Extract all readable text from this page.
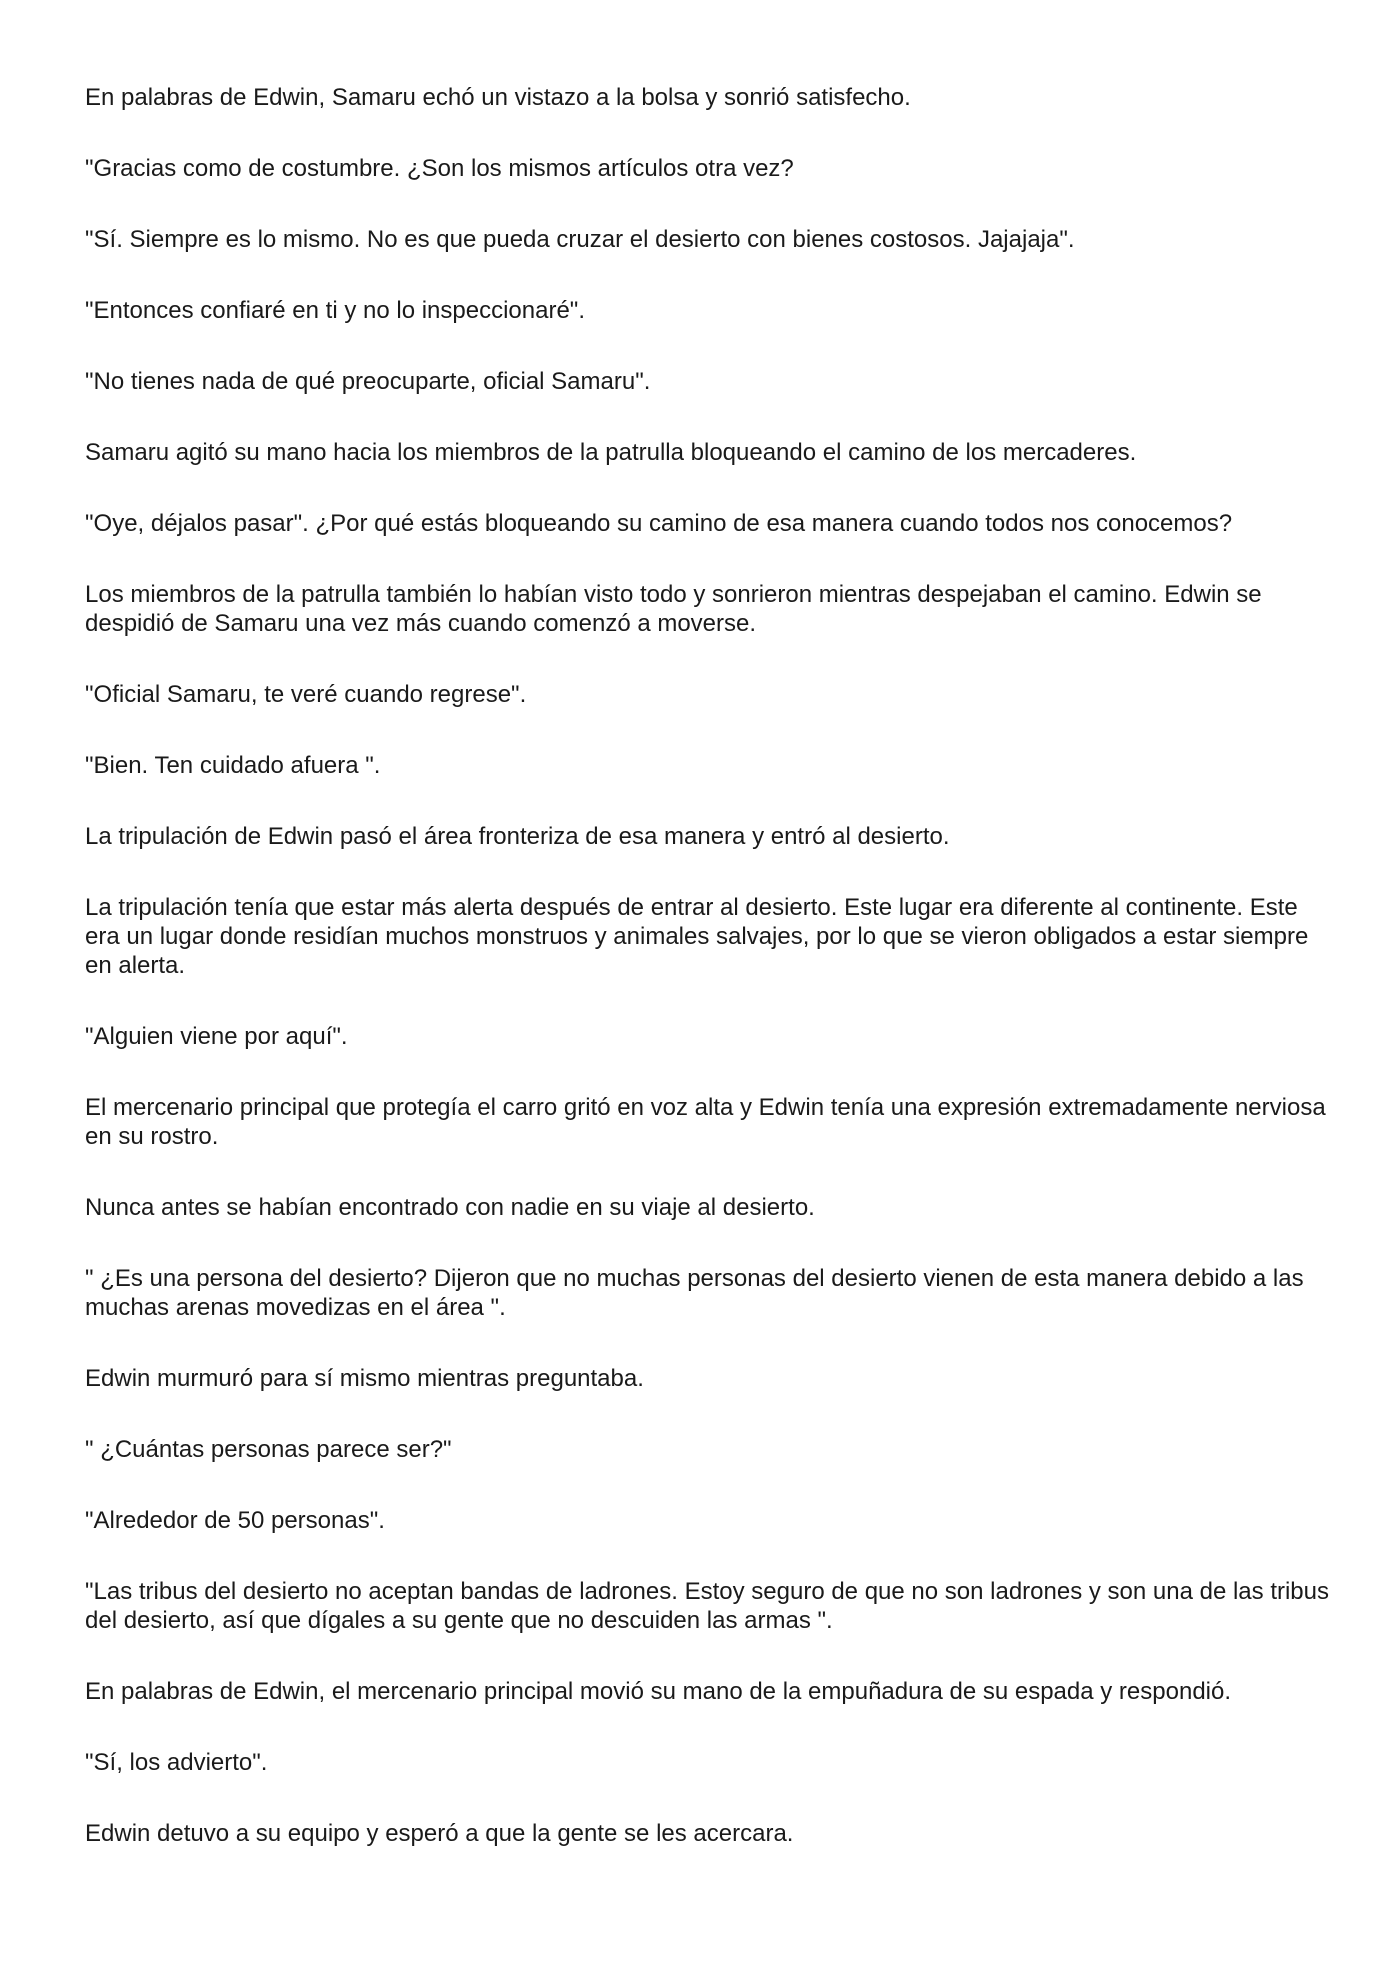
En palabras de Edwin, Samaru echó un vistazo a la bolsa y sonrió satisfecho.

"Gracias como de costumbre. ¿Son los mismos artículos otra vez?

"Sí. Siempre es lo mismo. No es que pueda cruzar el desierto con bienes costosos. Jajajaja".

"Entonces confiaré en ti y no lo inspeccionaré".

"No tienes nada de qué preocuparte, oficial Samaru".

Samaru agitó su mano hacia los miembros de la patrulla bloqueando el camino de los mercaderes.

"Oye, déjalos pasar". ¿Por qué estás bloqueando su camino de esa manera cuando todos nos conocemos?

Los miembros de la patrulla también lo habían visto todo y sonrieron mientras despejaban el camino. Edwin se despidió de Samaru una vez más cuando comenzó a moverse.

"Oficial Samaru, te veré cuando regrese".

"Bien. Ten cuidado afuera ".

La tripulación de Edwin pasó el área fronteriza de esa manera y entró al desierto.

La tripulación tenía que estar más alerta después de entrar al desierto. Este lugar era diferente al continente. Este era un lugar donde residían muchos monstruos y animales salvajes, por lo que se vieron obligados a estar siempre en alerta.

"Alguien viene por aquí".

El mercenario principal que protegía el carro gritó en voz alta y Edwin tenía una expresión extremadamente nerviosa en su rostro.

Nunca antes se habían encontrado con nadie en su viaje al desierto.

" ¿Es una persona del desierto? Dijeron que no muchas personas del desierto vienen de esta manera debido a las muchas arenas movedizas en el área ".

Edwin murmuró para sí mismo mientras preguntaba.

" ¿Cuántas personas parece ser?"

"Alrededor de 50 personas".

"Las tribus del desierto no aceptan bandas de ladrones. Estoy seguro de que no son ladrones y son una de las tribus del desierto, así que dígales a su gente que no descuiden las armas ".

En palabras de Edwin, el mercenario principal movió su mano de la empuñadura de su espada y respondió.

"Sí, los advierto".

Edwin detuvo a su equipo y esperó a que la gente se les acercara.
